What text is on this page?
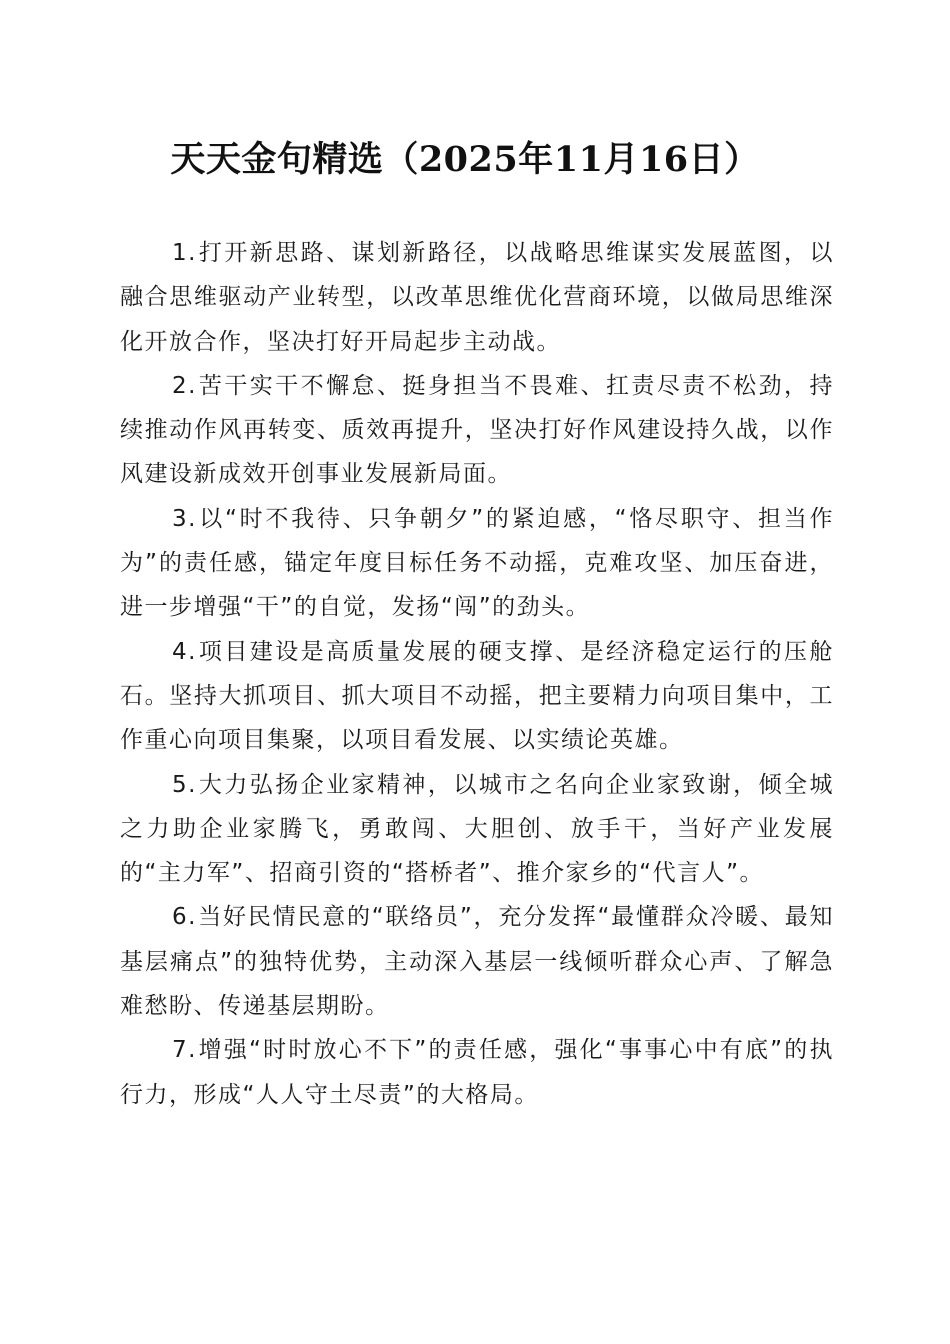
天天金句精选（2025年11月16日）

1.打开新思路、谋划新路径，以战略思维谋实发展蓝图，以融合思维驱动产业转型，以改革思维优化营商环境，以做局思维深化开放合作，坚决打好开局起步主动战。

2.苦干实干不懈怠、挺身担当不畏难、扛责尽责不松劲，持续推动作风再转变、质效再提升，坚决打好作风建设持久战，以作风建设新成效开创事业发展新局面。

3.以“时不我待、只争朝夕”的紧迫感，“恪尽职守、担当作为”的责任感，锚定年度目标任务不动摇，克难攻坚、加压奋进，进一步增强“干”的自觉，发扬“闯”的劲头。

4.项目建设是高质量发展的硬支撑、是经济稳定运行的压舱石。坚持大抓项目、抓大项目不动摇，把主要精力向项目集中，工作重心向项目集聚，以项目看发展、以实绩论英雄。

5.大力弘扬企业家精神，以城市之名向企业家致谢，倾全城之力助企业家腾飞，勇敢闯、大胆创、放手干，当好产业发展的“主力军”、招商引资的“搭桥者”、推介家乡的“代言人”。

6.当好民情民意的“联络员”，充分发挥“最懂群众冷暖、最知基层痛点”的独特优势，主动深入基层一线倾听群众心声、了解急难愁盼、传递基层期盼。

7.增强“时时放心不下”的责任感，强化“事事心中有底”的执行力，形成“人人守土尽责”的大格局。
